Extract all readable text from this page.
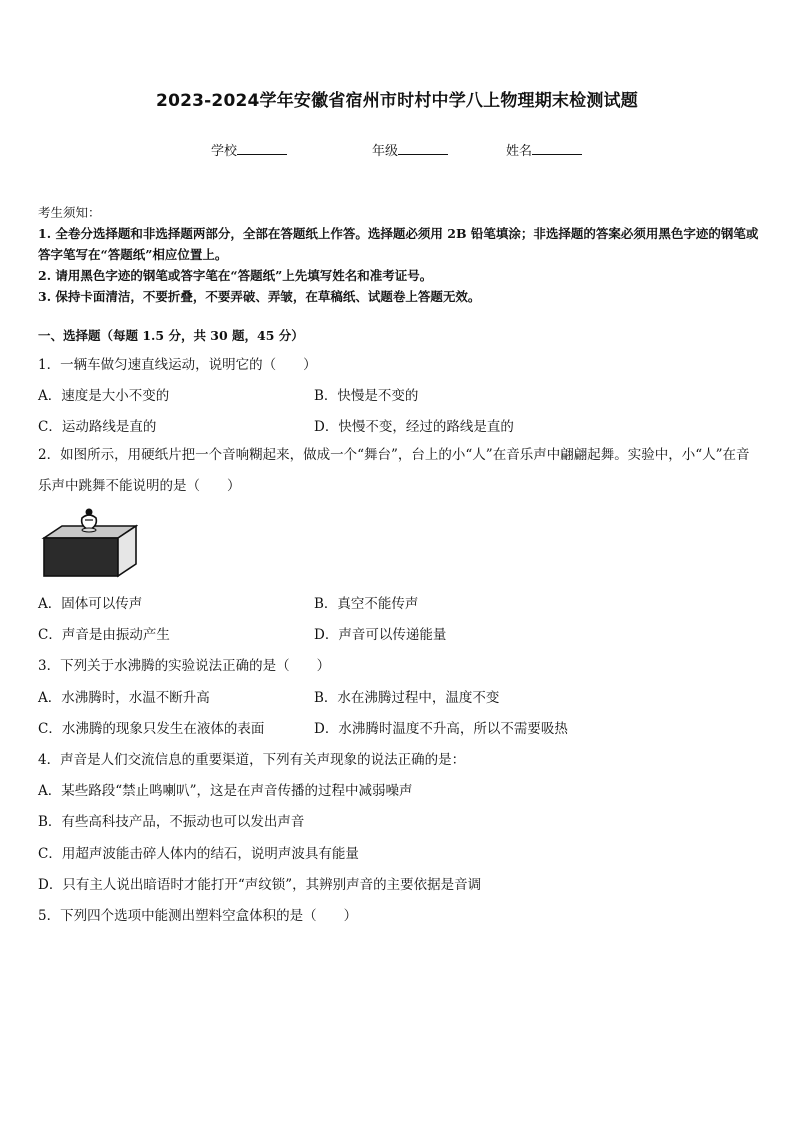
2023-2024学年安徽省宿州市时村中学八上物理期末检测试题
学校	年级	姓名

考生须知：

1. 全卷分选择题和非选择题两部分，全部在答题纸上作答。选择题必须用 2B 铅笔填涂；非选择题的答案必须用黑色字迹的钢笔或答字笔写在“答题纸”相应位置上。

2. 请用黑色字迹的钢笔或答字笔在“答题纸”上先填写姓名和准考证号。

3. 保持卡面清洁，不要折叠，不要弄破、弄皱，在草稿纸、试题卷上答题无效。

一、选择题（每题 1.5 分，共 30 题，45 分）
1．一辆车做匀速直线运动，说明它的（　　）
A．速度是大小不变的	B．快慢是不变的
C．运动路线是直的	D．快慢不变，经过的路线是直的
2．如图所示，用硬纸片把一个音响糊起来，做成一个“舞台”，台上的小“人”在音乐声中翩翩起舞。实验中，小“人”在音乐声中跳舞不能说明的是（　　）
A．固体可以传声	B．真空不能传声
C．声音是由振动产生	D．声音可以传递能量
3．下列关于水沸腾的实验说法正确的是（　　）
A．水沸腾时，水温不断升高	B．水在沸腾过程中，温度不变
C．水沸腾的现象只发生在液体的表面	D．水沸腾时温度不升高，所以不需要吸热
4．声音是人们交流信息的重要渠道，下列有关声现象的说法正确的是：
A．某些路段“禁止鸣喇叭”，这是在声音传播的过程中减弱噪声
B．有些高科技产品，不振动也可以发出声音
C．用超声波能击碎人体内的结石，说明声波具有能量
D．只有主人说出暗语时才能打开“声纹锁”，其辨别声音的主要依据是音调
5．下列四个选项中能测出塑料空盒体积的是（　　）
